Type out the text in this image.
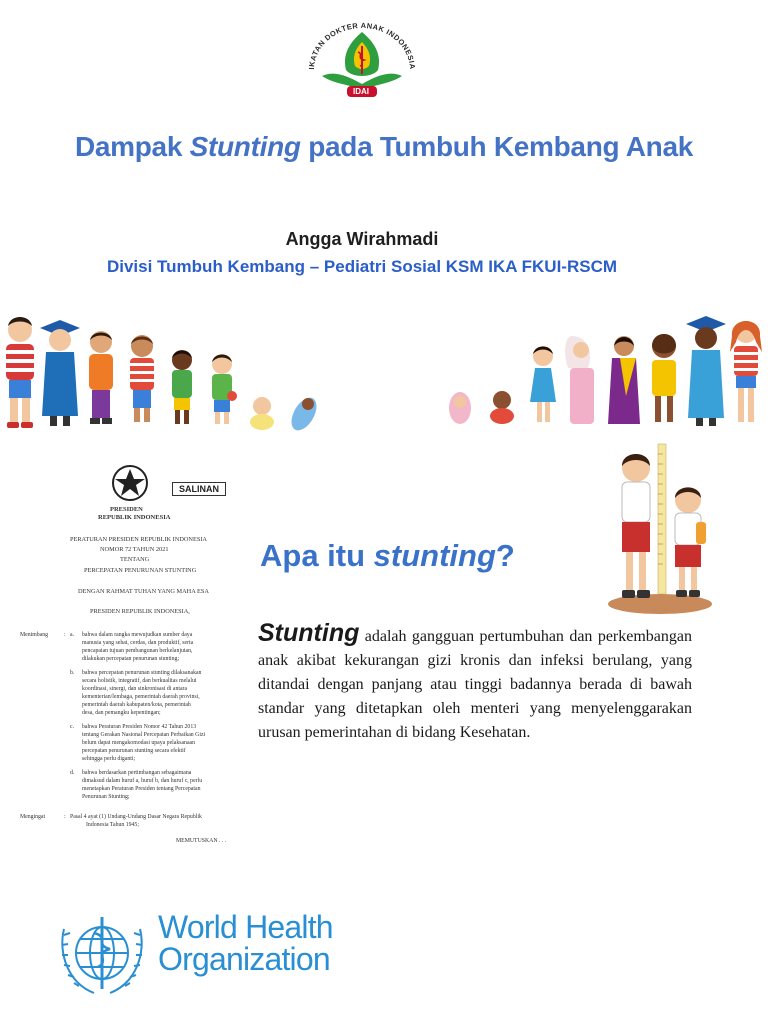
IKATAN DOKTER ANAK INDONESIA
IDAI
Dampak Stunting pada Tumbuh Kembang Anak
Angga Wirahmadi
Divisi Tumbuh Kembang – Pediatri Sosial KSM IKA FKUI-RSCM
SALINAN
PRESIDEN
REPUBLIK INDONESIA
PERATURAN PRESIDEN REPUBLIK INDONESIA
NOMOR 72 TAHUN 2021
TENTANG
PERCEPATAN PENURUNAN STUNTING
DENGAN RAHMAT TUHAN YANG MAHA ESA
PRESIDEN REPUBLIK INDONESIA,
Menimbang	: a. bahwa dalam rangka mewujudkan sumber daya
manusia yang sehat, cerdas, dan produktif, serta
pencapaian tujuan pembangunan berkelanjutan,
dilakukan percepatan penurunan stunting;
b. bahwa percepatan penurunan stunting dilaksanakan
secara holistik, integratif, dan berkualitas melalui
koordinasi, sinergi, dan sinkronisasi di antara
kementerian/lembaga, pemerintah daerah provinsi,
pemerintah daerah kabupaten/kota, pemerintah
desa, dan pemangku kepentingan;
c. bahwa Peraturan Presiden Nomor 42 Tahun 2013
tentang Gerakan Nasional Percepatan Perbaikan Gizi
belum dapat mengakomodasi upaya pelaksanaan
percepatan penurunan stunting secara efektif
sehingga perlu diganti;
d. bahwa berdasarkan pertimbangan sebagaimana
dimaksud dalam huruf a, huruf b, dan huruf c, perlu
menetapkan Peraturan Presiden tentang Percepatan
Penurunan Stunting;
Mengingat	: Pasal 4 ayat (1) Undang-Undang Dasar Negara Republik
Indonesia Tahun 1945;
MEMUTUSKAN . . .
Apa itu stunting?
Stunting adalah gangguan pertumbuhan dan perkembangan anak akibat kekurangan gizi kronis dan infeksi berulang, yang ditandai dengan panjang atau tinggi badannya berada di bawah standar yang ditetapkan oleh menteri yang menyelenggarakan urusan pemerintahan di bidang Kesehatan.
World Health
Organization
